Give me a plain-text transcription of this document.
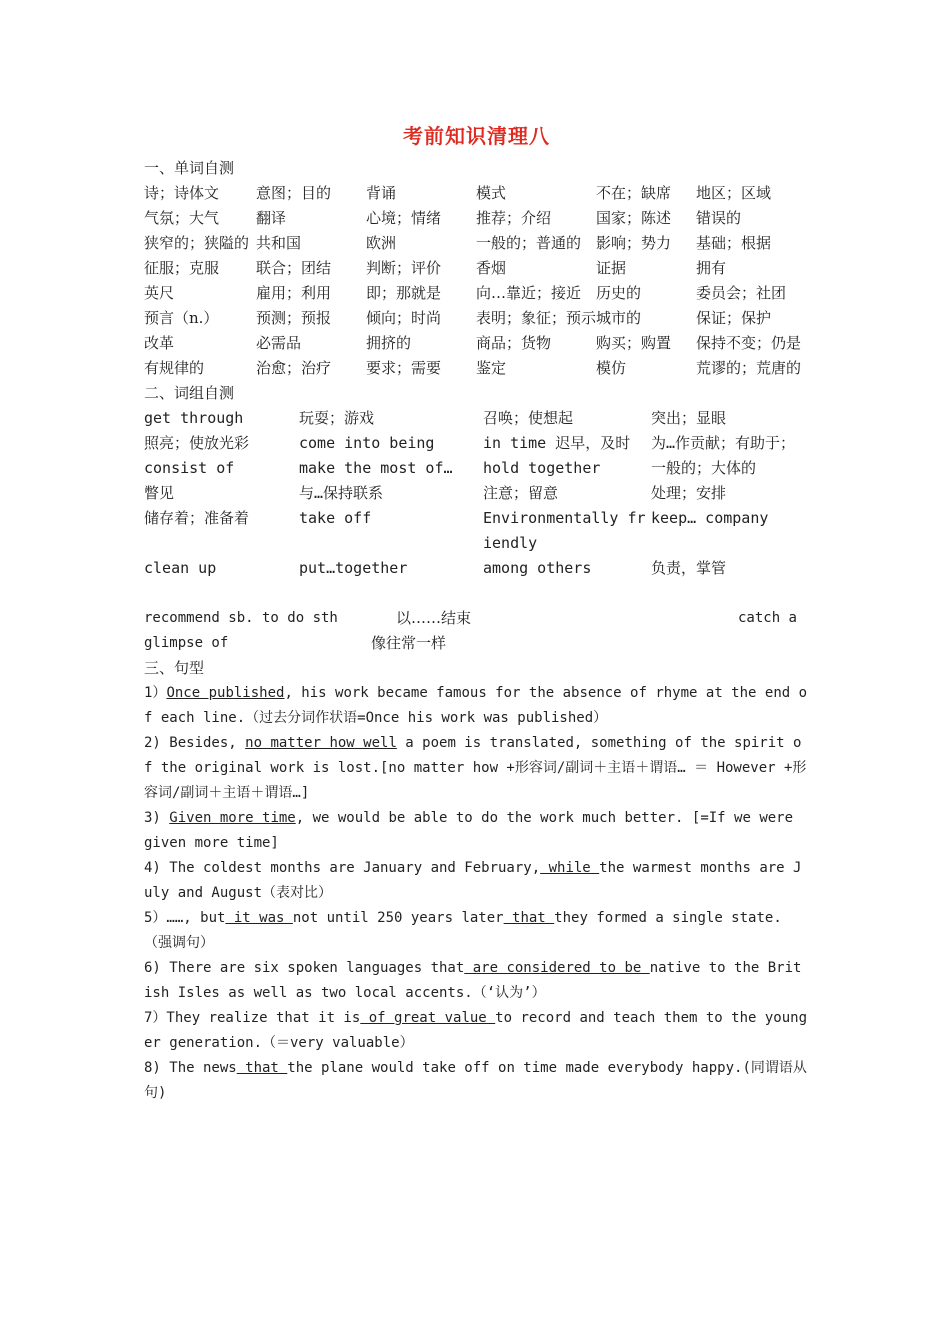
考前知识清理八
一、单词自测
诗；诗体文	意图；目的	背诵	模式	不在；缺席	地区；区域
气氛；大气	翻译	心境；情绪	推荐；介绍	国家；陈述	错误的
狭窄的；狭隘的	共和国	欧洲	一般的；普通的	影响；势力	基础；根据
征服；克服	联合；团结	判断；评价	香烟	证据	拥有
英尺	雇用；利用	即；那就是	向…靠近；接近	历史的	委员会；社团
预言（n.）	预测；预报	倾向；时尚	表明；象征；预示	城市的	保证；保护
改革	必需品	拥挤的	商品；货物	购买；购置	保持不变；仍是
有规律的	治愈；治疗	要求；需要	鉴定	模仿	荒谬的；荒唐的
二、词组自测
get through	玩耍；游戏	召唤；使想起	突出；显眼
照亮；使放光彩	come into being	in time 迟早，及时	为…作贡献；有助于；
consist of	make the most of…	hold together	一般的；大体的
瞥见	与…保持联系	注意；留意	处理；安排
储存着；准备着	take off	Environmentally friendly	keep… company
clean up	put…together	among others	负责，掌管
recommend sb. to do sth	以……结束	catch a
glimpse of	像往常一样
三、句型
1）Once published, his work became famous for the absence of rhyme at the end of each line.（过去分词作状语=Once his work was published）
2) Besides, no matter how well a poem is translated, something of the spirit of the original work is lost.[no matter how +形容词/副词＋主语＋谓语… ＝ However +形容词/副词＋主语＋谓语…]
3) Given more time, we would be able to do the work much better. [=If we were given more time]
4) The coldest months are January and February, while the warmest months are July and August（表对比）
5）……, but it was not until 250 years later that they formed a single state.（强调句）
6) There are six spoken languages that are considered to be native to the British Isles as well as two local accents.（‘认为’）
7）They realize that it is of great value to record and teach them to the younger generation.（＝very valuable）
8) The news that the plane would take off on time made everybody happy.(同谓语从句)
